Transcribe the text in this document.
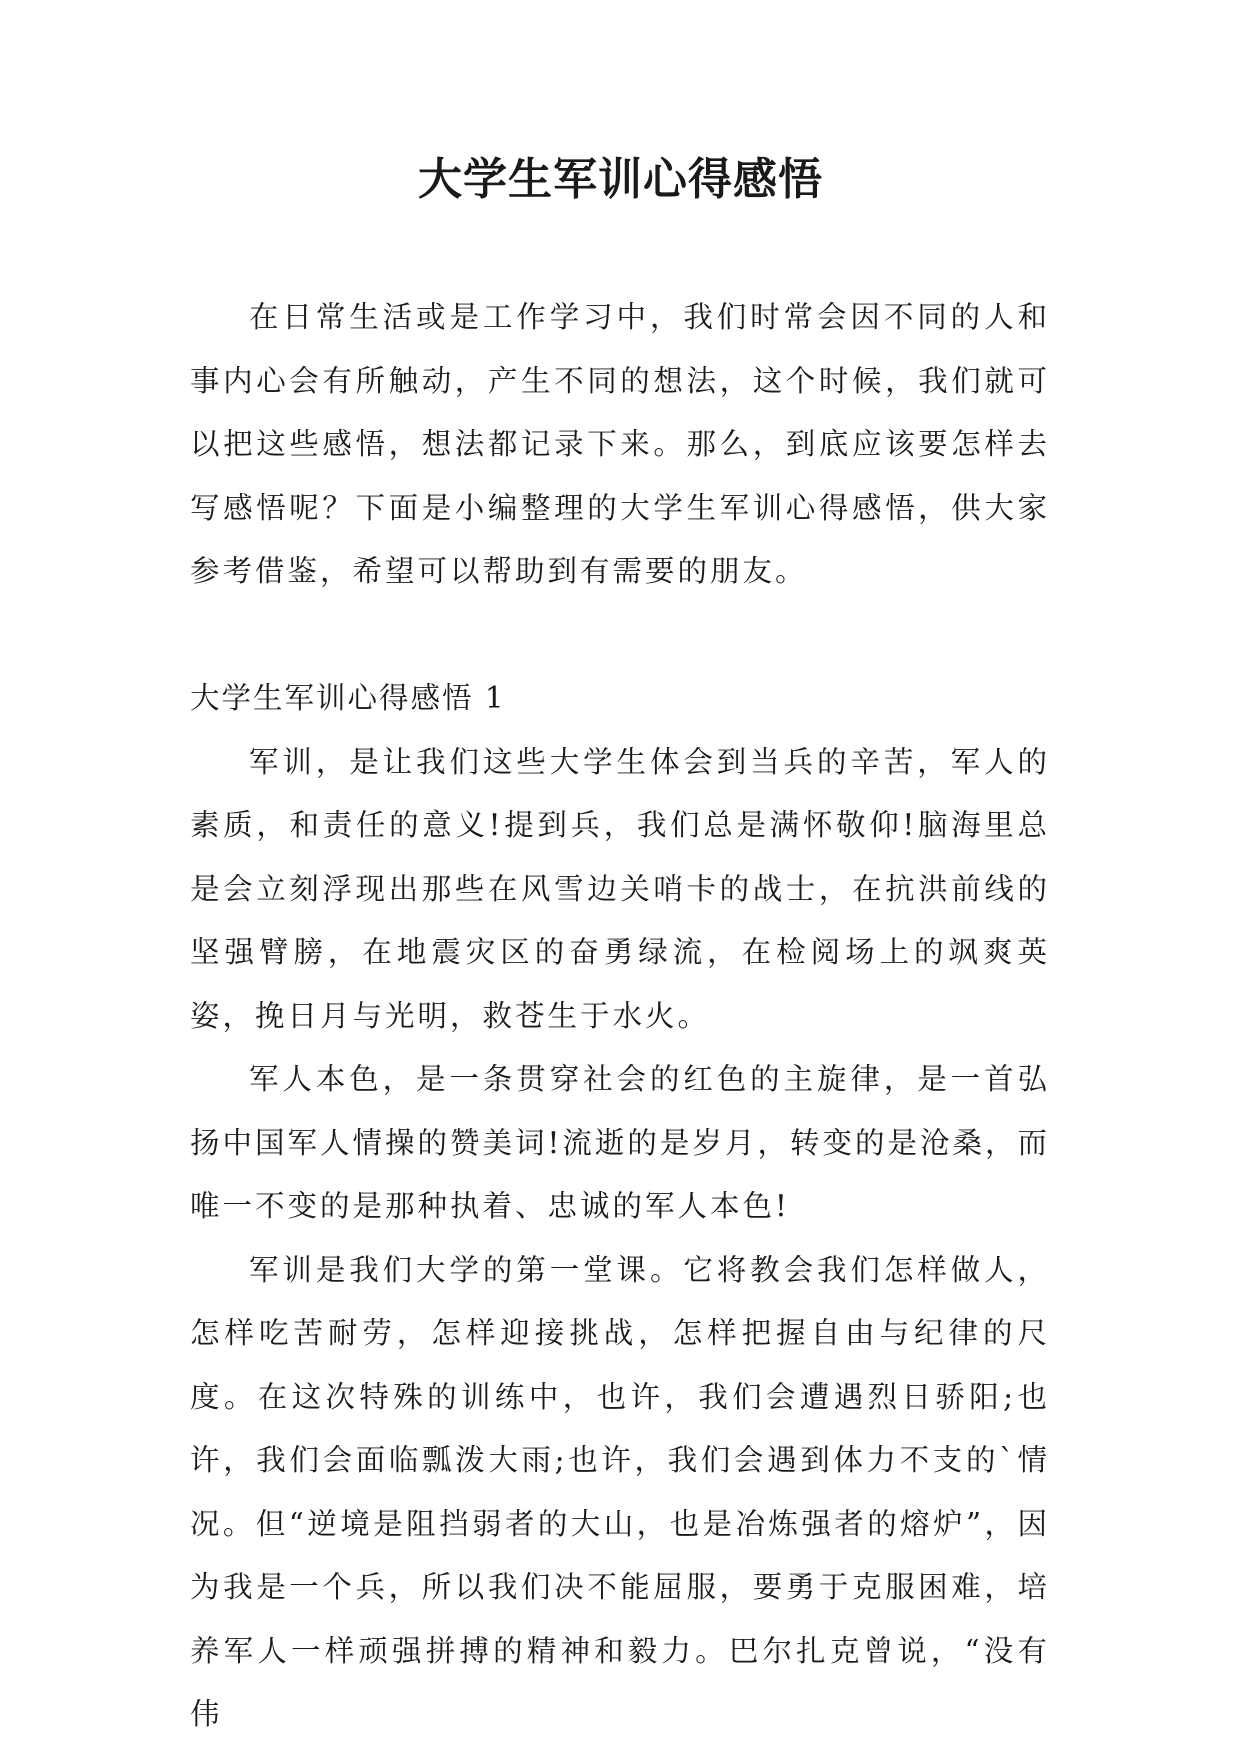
大学生军训心得感悟

在日常生活或是工作学习中，我们时常会因不同的人和事内心会有所触动，产生不同的想法，这个时候，我们就可以把这些感悟，想法都记录下来。那么，到底应该要怎样去写感悟呢？下面是小编整理的大学生军训心得感悟，供大家参考借鉴，希望可以帮助到有需要的朋友。

大学生军训心得感悟 1

军训，是让我们这些大学生体会到当兵的辛苦，军人的素质，和责任的意义!提到兵，我们总是满怀敬仰!脑海里总是会立刻浮现出那些在风雪边关哨卡的战士，在抗洪前线的坚强臂膀，在地震灾区的奋勇绿流，在检阅场上的飒爽英姿，挽日月与光明，救苍生于水火。

军人本色，是一条贯穿社会的红色的主旋律，是一首弘扬中国军人情操的赞美词!流逝的是岁月，转变的是沧桑，而唯一不变的是那种执着、忠诚的军人本色!

军训是我们大学的第一堂课。它将教会我们怎样做人，怎样吃苦耐劳，怎样迎接挑战，怎样把握自由与纪律的尺度。在这次特殊的训练中，也许，我们会遭遇烈日骄阳;也许，我们会面临瓢泼大雨;也许，我们会遇到体力不支的`情况。但“逆境是阻挡弱者的大山，也是冶炼强者的熔炉”，因为我是一个兵，所以我们决不能屈服，要勇于克服困难，培养军人一样顽强拼搏的精神和毅力。巴尔扎克曾说，“没有伟
